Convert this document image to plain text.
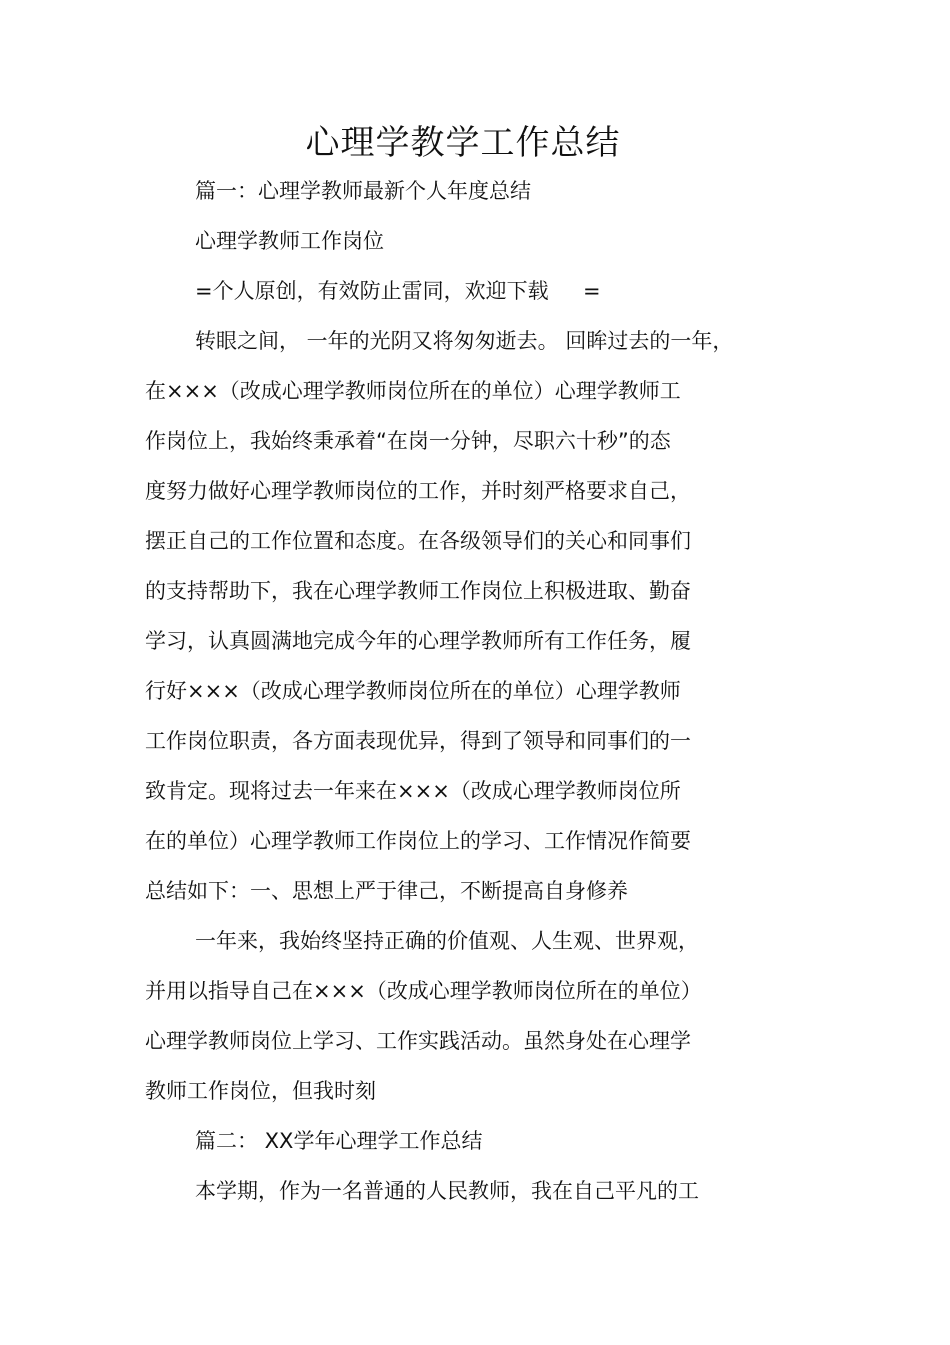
心理学教学工作总结
篇一：心理学教师最新个人年度总结
心理学教师工作岗位
=个人原创，有效防止雷同，欢迎下载 　 =
转眼之间， 一年的光阴又将匆匆逝去。 回眸过去的一年，
在×××（改成心理学教师岗位所在的单位）心理学教师工
作岗位上，我始终秉承着“在岗一分钟，尽职六十秒”的态
度努力做好心理学教师岗位的工作，并时刻严格要求自己，
摆正自己的工作位置和态度。在各级领导们的关心和同事们
的支持帮助下，我在心理学教师工作岗位上积极进取、勤奋
学习，认真圆满地完成今年的心理学教师所有工作任务，履
行好×××（改成心理学教师岗位所在的单位）心理学教师
工作岗位职责，各方面表现优异，得到了领导和同事们的一
致肯定。现将过去一年来在×××（改成心理学教师岗位所
在的单位）心理学教师工作岗位上的学习、工作情况作简要
总结如下：一、思想上严于律己，不断提高自身修养
一年来，我始终坚持正确的价值观、人生观、世界观，
并用以指导自己在×××（改成心理学教师岗位所在的单位）
心理学教师岗位上学习、工作实践活动。虽然身处在心理学
教师工作岗位，但我时刻
篇二： XX学年心理学工作总结
本学期，作为一名普通的人民教师，我在自己平凡的工
